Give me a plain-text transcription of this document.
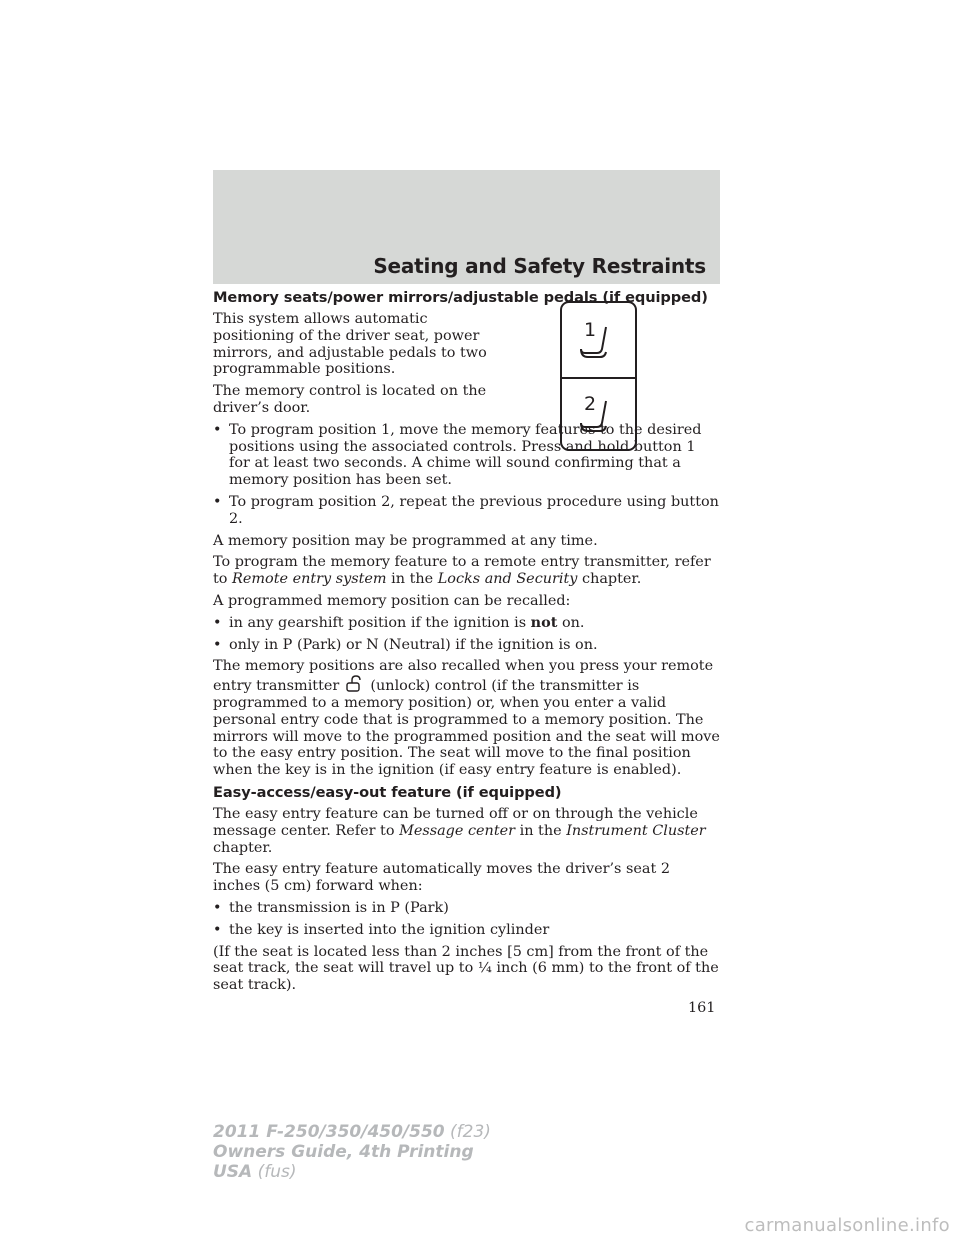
Seating and Safety Restraints
1
2
Memory seats/power mirrors/adjustable pedals (if equipped)

This system allows automatic positioning of the driver seat, power mirrors, and adjustable pedals to two programmable positions.

The memory control is located on the driver’s door.

• To program position 1, move the memory features to the desired positions using the associated controls. Press and hold button 1 for at least two seconds. A chime will sound confirming that a memory position has been set.
• To program position 2, repeat the previous procedure using button 2.

A memory position may be programmed at any time.

To program the memory feature to a remote entry transmitter, refer to Remote entry system in the Locks and Security chapter.

A programmed memory position can be recalled:

• in any gearshift position if the ignition is not on.
• only in P (Park) or N (Neutral) if the ignition is on.

The memory positions are also recalled when you press your remote entry transmitter  (unlock) control (if the transmitter is programmed to a memory position) or, when you enter a valid personal entry code that is programmed to a memory position. The mirrors will move to the programmed position and the seat will move to the easy entry position. The seat will move to the final position when the key is in the ignition (if easy entry feature is enabled).

Easy-access/easy-out feature (if equipped)

The easy entry feature can be turned off or on through the vehicle message center. Refer to Message center in the Instrument Cluster chapter.

The easy entry feature automatically moves the driver’s seat 2 inches (5 cm) forward when:

• the transmission is in P (Park)
• the key is inserted into the ignition cylinder

(If the seat is located less than 2 inches [5 cm] from the front of the seat track, the seat will travel up to ¼ inch (6 mm) to the front of the seat track).

161
2011 F-250/350/450/550 (f23)
Owners Guide, 4th Printing
USA (fus)
carmanualsonline.info
